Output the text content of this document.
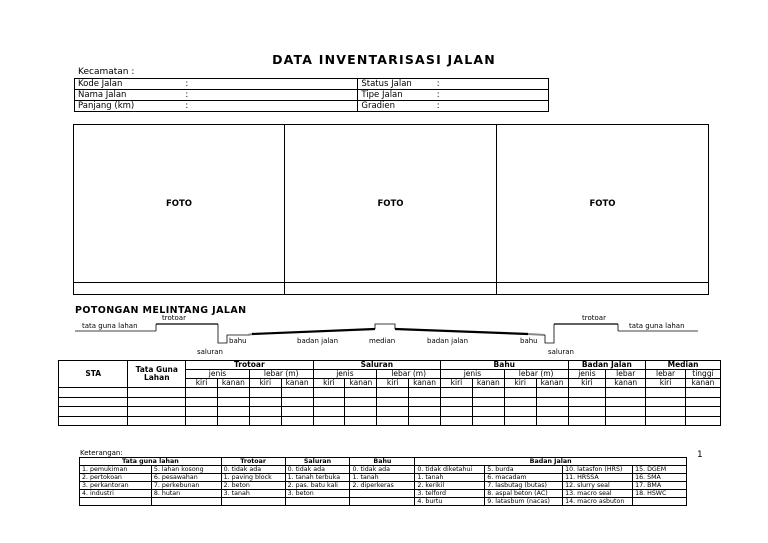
DATA INVENTARISASI JALAN
Kecamatan :
Kode Jalan	:	Status Jalan	:
Nama Jalan	:	Tipe Jalan	:
Panjang (km)	:	Gradien	:
FOTO	FOTO	FOTO
POTONGAN MELINTANG JALAN
trotoar
tata guna lahan
bahu
saluran
badan jalan	median	badan jalan	bahu
saluran
trotoar
tata guna lahan
STA	Tata Guna Lahan	Trotoar				Saluran				Bahu				Badan Jalan		Median	
		jenis		lebar (m)		jenis		lebar (m)		jenis		lebar (m)		jenis	lebar	lebar	tinggi
		kiri	kanan	kiri	kanan	kiri	kanan	kiri	kanan	kiri	kanan	kiri	kanan	kiri	kanan	kiri	kanan

1
Keterangan:
Tata guna lahan		Trotoar	Saluran	Bahu	Badan Jalan			
1. pemukiman	5. lahan kosong	0. tidak ada	0. tidak ada	0. tidak ada	0. tidak diketahui	5. burda	10. latasfon (HRS)	15. DGEM
2. pertokoan	6. pesawahan	1. paving block	1. tanah terbuka	1. tanah	1. tanah	6. macadam	11. HRSSA	16. SMA
3. perkantoran	7. perkebunan	2. beton	2. pas. batu kali	2. diperkeras	2. kerikil	7. lasbutag (butas)	12. slurry seal	17. BMA
4. industri	8. hutan	3. tanah	3. beton		3. telford	8. aspal beton (AC)	13. macro seal	18. HSWC
					4. burtu	9. latasbum (nacas)	14. macro asbuton	
